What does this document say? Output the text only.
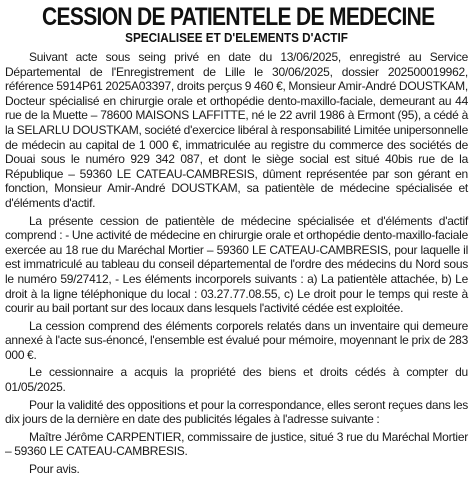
CESSION DE PATIENTELE DE MEDECINE
SPECIALISEE ET D'ELEMENTS D'ACTIF

Suivant acte sous seing privé en date du 13/06/2025, enregistré au Service Départemental de l'Enregistrement de Lille le 30/06/2025, dossier 202500019962, référence 5914P61 2025A03397, droits perçus 9 460 €, Monsieur Amir-André DOUSTKAM, Docteur spécialisé en chirurgie orale et orthopédie dento-maxillo-faciale, demeurant au 44 rue de la Muette – 78600 MAISONS LAFFITTE, né le 22 avril 1986 à Ermont (95), a cédé à la SELARLU DOUSTKAM, société d'exercice libéral à responsabilité Limitée unipersonnelle de médecin au capital de 1 000 €, immatriculée au registre du commerce des sociétés de Douai sous le numéro 929 342 087, et dont le siège social est situé 40bis rue de la République – 59360 LE CATEAU-CAMBRESIS, dûment représentée par son gérant en fonction, Monsieur Amir-André DOUSTKAM, sa patientèle de médecine spécialisée et d'éléments d'actif.

La présente cession de patientèle de médecine spécialisée et d'éléments d'actif comprend : - Une activité de médecine en chirurgie orale et orthopédie dento-maxillo-faciale exercée au 18 rue du Maréchal Mortier – 59360 LE CATEAU-CAMBRESIS, pour laquelle il est immatriculé au tableau du conseil départemental de l'ordre des médecins du Nord sous le numéro 59/27412, - Les éléments incorporels suivants : a) La patientèle attachée, b) Le droit à la ligne téléphonique du local : 03.27.77.08.55, c) Le droit pour le temps qui reste à courir au bail portant sur des locaux dans lesquels l'activité cédée est exploitée.

La cession comprend des éléments corporels relatés dans un inventaire qui demeure annexé à l'acte sus-énoncé, l'ensemble est évalué pour mémoire, moyennant le prix de 283 000 €.

Le cessionnaire a acquis la propriété des biens et droits cédés à compter du 01/05/2025.

Pour la validité des oppositions et pour la correspondance, elles seront reçues dans les dix jours de la dernière en date des publicités légales à l'adresse suivante :

Maître Jérôme CARPENTIER, commissaire de justice, situé 3 rue du Maréchal Mortier – 59360 LE CATEAU-CAMBRESIS.

Pour avis.
